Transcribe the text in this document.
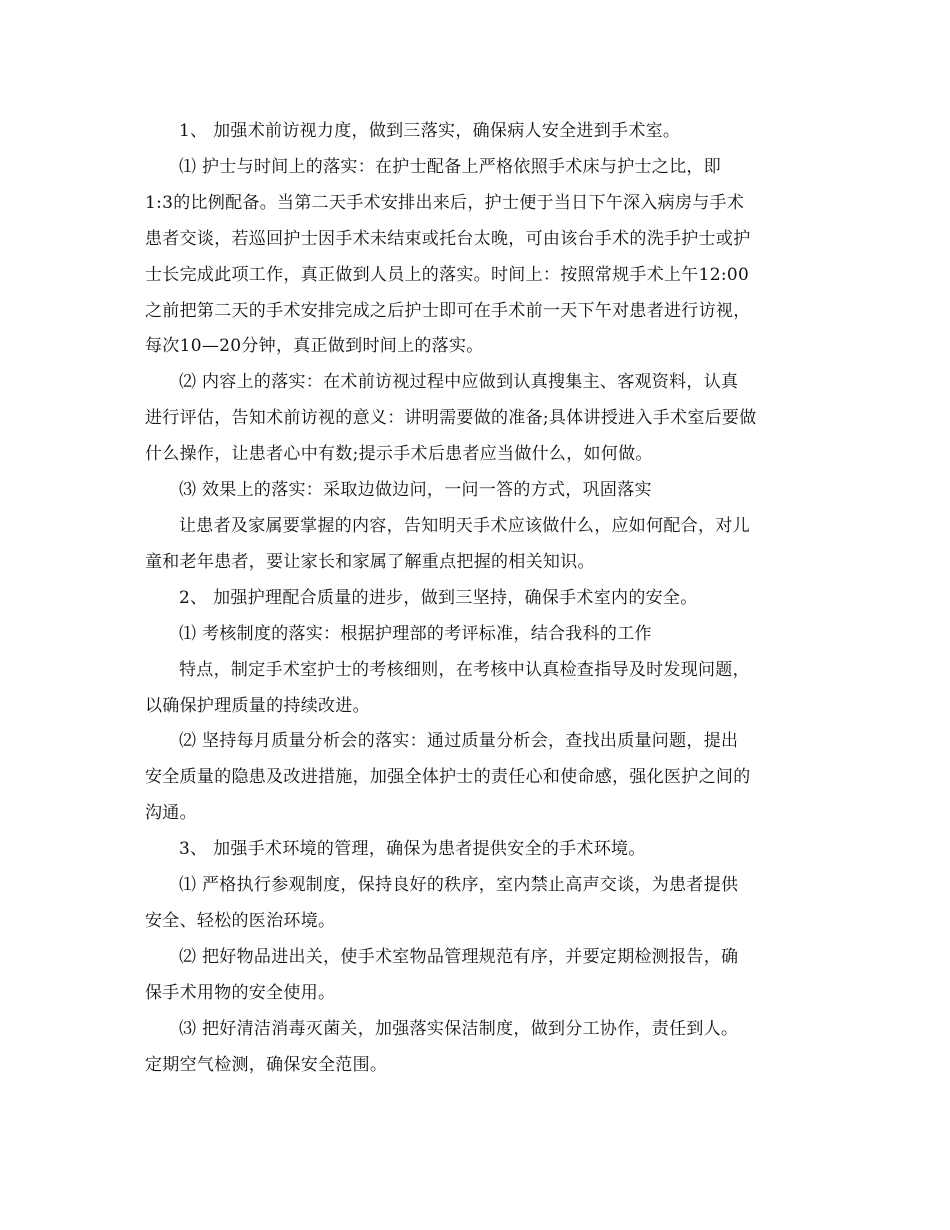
1、 加强术前访视力度，做到三落实，确保病人安全进到手术室。
⑴ 护士与时间上的落实：在护士配备上严格依照手术床与护士之比，即
1:3的比例配备。当第二天手术安排出来后，护士便于当日下午深入病房与手术
患者交谈，若巡回护士因手术未结束或托台太晚，可由该台手术的洗手护士或护
士长完成此项工作，真正做到人员上的落实。时间上：按照常规手术上午12:00
之前把第二天的手术安排完成之后护士即可在手术前一天下午对患者进行访视，
每次10—20分钟，真正做到时间上的落实。
⑵ 内容上的落实：在术前访视过程中应做到认真搜集主、客观资料，认真
进行评估，告知术前访视的意义：讲明需要做的准备;具体讲授进入手术室后要做
什么操作，让患者心中有数;提示手术后患者应当做什么，如何做。
⑶ 效果上的落实：采取边做边问，一问一答的方式，巩固落实
让患者及家属要掌握的内容，告知明天手术应该做什么，应如何配合，对儿
童和老年患者，要让家长和家属了解重点把握的相关知识。
2、 加强护理配合质量的进步，做到三坚持，确保手术室内的安全。
⑴ 考核制度的落实：根据护理部的考评标准，结合我科的工作
特点，制定手术室护士的考核细则，在考核中认真检查指导及时发现问题，
以确保护理质量的持续改进。
⑵ 坚持每月质量分析会的落实：通过质量分析会，查找出质量问题，提出
安全质量的隐患及改进措施，加强全体护士的责任心和使命感，强化医护之间的
沟通。
3、 加强手术环境的管理，确保为患者提供安全的手术环境。
⑴ 严格执行参观制度，保持良好的秩序，室内禁止高声交谈，为患者提供
安全、轻松的医治环境。
⑵ 把好物品进出关，使手术室物品管理规范有序，并要定期检测报告，确
保手术用物的安全使用。
⑶ 把好清洁消毒灭菌关，加强落实保洁制度，做到分工协作，责任到人。
定期空气检测，确保安全范围。
